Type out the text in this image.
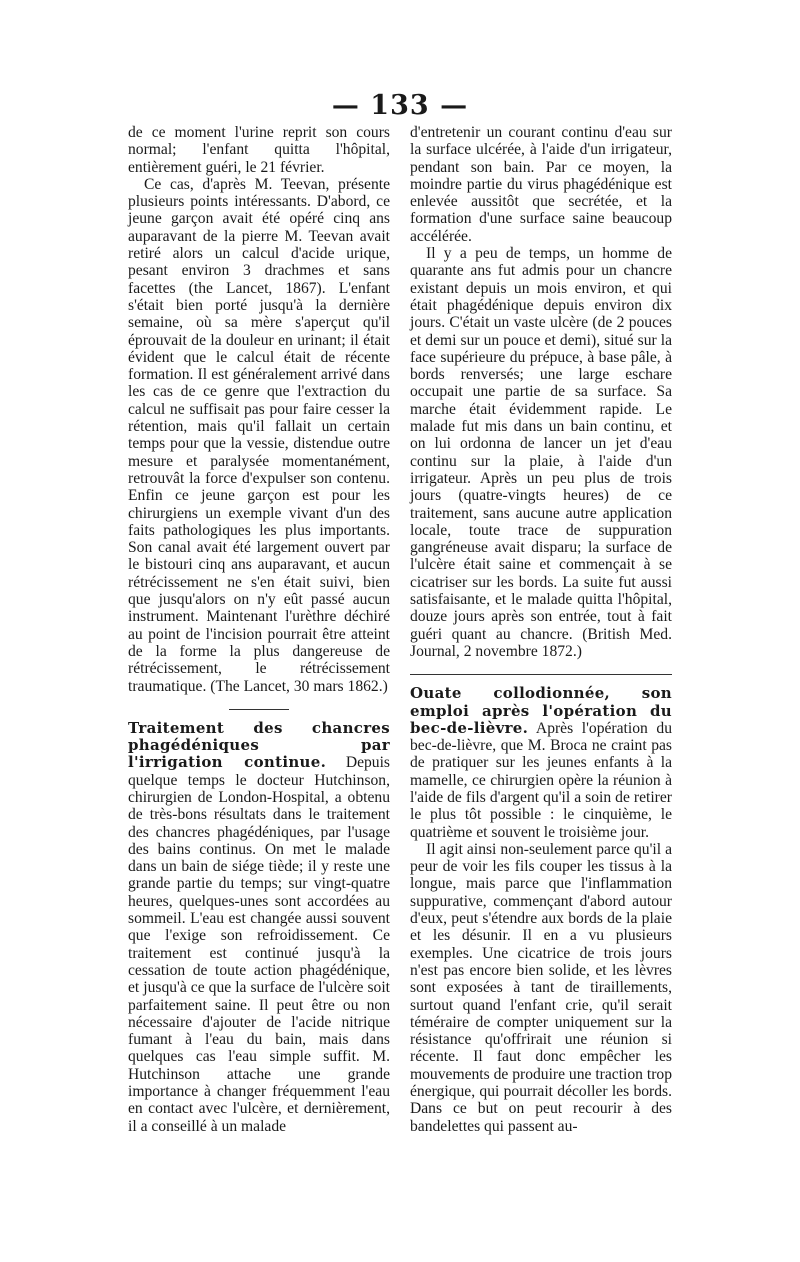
— 133 —

de ce moment l'urine reprit son cours normal; l'enfant quitta l'hôpital, entièrement guéri, le 21 février.

Ce cas, d'après M. Teevan, présente plusieurs points intéressants. D'abord, ce jeune garçon avait été opéré cinq ans auparavant de la pierre M. Teevan avait retiré alors un calcul d'acide urique, pesant environ 3 drachmes et sans facettes (the Lancet, 1867). L'enfant s'était bien porté jusqu'à la dernière semaine, où sa mère s'aperçut qu'il éprouvait de la douleur en urinant; il était évident que le calcul était de récente formation. Il est généralement arrivé dans les cas de ce genre que l'extraction du calcul ne suffisait pas pour faire cesser la rétention, mais qu'il fallait un certain temps pour que la vessie, distendue outre mesure et paralysée momentanément, retrouvât la force d'expulser son contenu. Enfin ce jeune garçon est pour les chirurgiens un exemple vivant d'un des faits pathologiques les plus importants. Son canal avait été largement ouvert par le bistouri cinq ans auparavant, et aucun rétrécissement ne s'en était suivi, bien que jusqu'alors on n'y eût passé aucun instrument. Maintenant l'urèthre déchiré au point de l'incision pourrait être atteint de la forme la plus dangereuse de rétrécissement, le rétrécissement traumatique. (The Lancet, 30 mars 1862.)

Traitement des chancres phagédéniques par l'irrigation continue. Depuis quelque temps le docteur Hutchinson, chirurgien de London-Hospital, a obtenu de très-bons résultats dans le traitement des chancres phagédéniques, par l'usage des bains continus. On met le malade dans un bain de siége tiède; il y reste une grande partie du temps; sur vingt-quatre heures, quelques-unes sont accordées au sommeil. L'eau est changée aussi souvent que l'exige son refroidissement. Ce traitement est continué jusqu'à la cessation de toute action phagédénique, et jusqu'à ce que la surface de l'ulcère soit parfaitement saine. Il peut être ou non nécessaire d'ajouter de l'acide nitrique fumant à l'eau du bain, mais dans quelques cas l'eau simple suffit. M. Hutchinson attache une grande importance à changer fréquemment l'eau en contact avec l'ulcère, et dernièrement, il a conseillé à un malade

d'entretenir un courant continu d'eau sur la surface ulcérée, à l'aide d'un irrigateur, pendant son bain. Par ce moyen, la moindre partie du virus phagédénique est enlevée aussitôt que secrétée, et la formation d'une surface saine beaucoup accélérée.

Il y a peu de temps, un homme de quarante ans fut admis pour un chancre existant depuis un mois environ, et qui était phagédénique depuis environ dix jours. C'était un vaste ulcère (de 2 pouces et demi sur un pouce et demi), situé sur la face supérieure du prépuce, à base pâle, à bords renversés; une large eschare occupait une partie de sa surface. Sa marche était évidemment rapide. Le malade fut mis dans un bain continu, et on lui ordonna de lancer un jet d'eau continu sur la plaie, à l'aide d'un irrigateur. Après un peu plus de trois jours (quatre-vingts heures) de ce traitement, sans aucune autre application locale, toute trace de suppuration gangréneuse avait disparu; la surface de l'ulcère était saine et commençait à se cicatriser sur les bords. La suite fut aussi satisfaisante, et le malade quitta l'hôpital, douze jours après son entrée, tout à fait guéri quant au chancre. (British Med. Journal, 2 novembre 1872.)

Ouate collodionnée, son emploi après l'opération du bec-de-lièvre. Après l'opération du bec-de-lièvre, que M. Broca ne craint pas de pratiquer sur les jeunes enfants à la mamelle, ce chirurgien opère la réunion à l'aide de fils d'argent qu'il a soin de retirer le plus tôt possible : le cinquième, le quatrième et souvent le troisième jour.

Il agit ainsi non-seulement parce qu'il a peur de voir les fils couper les tissus à la longue, mais parce que l'inflammation suppurative, commençant d'abord autour d'eux, peut s'étendre aux bords de la plaie et les désunir. Il en a vu plusieurs exemples. Une cicatrice de trois jours n'est pas encore bien solide, et les lèvres sont exposées à tant de tiraillements, surtout quand l'enfant crie, qu'il serait téméraire de compter uniquement sur la résistance qu'offrirait une réunion si récente. Il faut donc empêcher les mouvements de produire une traction trop énergique, qui pourrait décoller les bords. Dans ce but on peut recourir à des bandelettes qui passent au-
